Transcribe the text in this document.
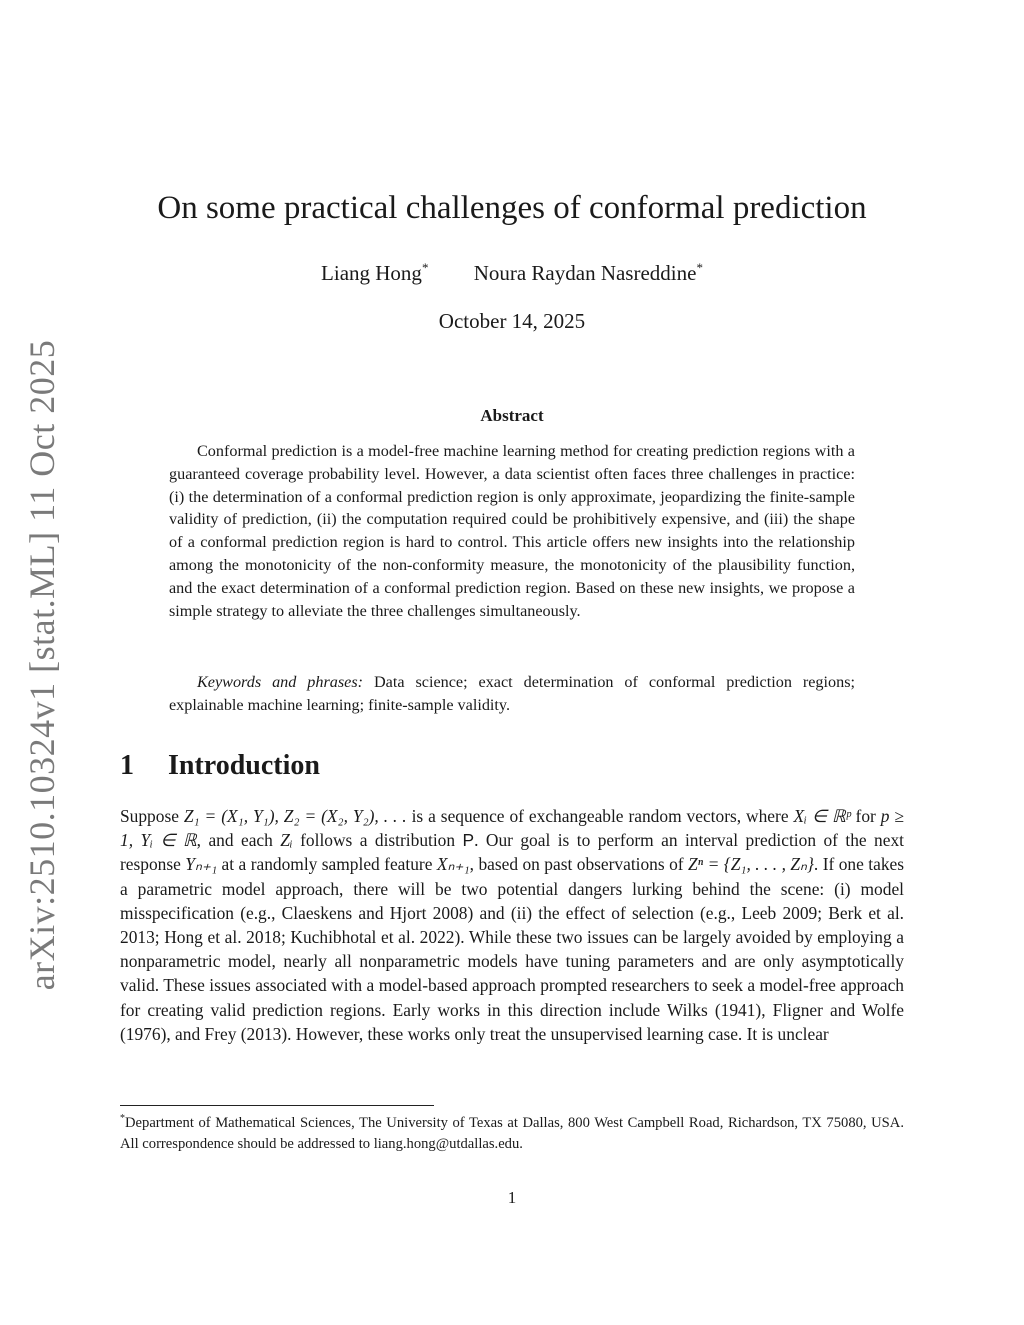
arXiv:2510.10324v1 [stat.ML] 11 Oct 2025
On some practical challenges of conformal prediction
Liang Hong* Noura Raydan Nasreddine*
October 14, 2025
Abstract

Conformal prediction is a model-free machine learning method for creating prediction regions with a guaranteed coverage probability level. However, a data scientist often faces three challenges in practice: (i) the determination of a conformal prediction region is only approximate, jeopardizing the finite-sample validity of prediction, (ii) the computation required could be prohibitively expensive, and (iii) the shape of a conformal prediction region is hard to control. This article offers new insights into the relationship among the monotonicity of the non-conformity measure, the monotonicity of the plausibility function, and the exact determination of a conformal prediction region. Based on these new insights, we propose a simple strategy to alleviate the three challenges simultaneously.

Keywords and phrases: Data science; exact determination of conformal prediction regions; explainable machine learning; finite-sample validity.

1 Introduction

Suppose Z₁ = (X₁, Y₁), Z₂ = (X₂, Y₂), . . . is a sequence of exchangeable random vectors, where Xᵢ ∈ ℝᵖ for p ≥ 1, Yᵢ ∈ ℝ, and each Zᵢ follows a distribution P. Our goal is to perform an interval prediction of the next response Yₙ₊₁ at a randomly sampled feature Xₙ₊₁, based on past observations of Zⁿ = {Z₁, . . . , Zₙ}. If one takes a parametric model approach, there will be two potential dangers lurking behind the scene: (i) model misspecification (e.g., Claeskens and Hjort 2008) and (ii) the effect of selection (e.g., Leeb 2009; Berk et al. 2013; Hong et al. 2018; Kuchibhotal et al. 2022). While these two issues can be largely avoided by employing a nonparametric model, nearly all nonparametric models have tuning parameters and are only asymptotically valid. These issues associated with a model-based approach prompted researchers to seek a model-free approach for creating valid prediction regions. Early works in this direction include Wilks (1941), Fligner and Wolfe (1976), and Frey (2013). However, these works only treat the unsupervised learning case. It is unclear

*Department of Mathematical Sciences, The University of Texas at Dallas, 800 West Campbell Road, Richardson, TX 75080, USA. All correspondence should be addressed to liang.hong@utdallas.edu.

1
